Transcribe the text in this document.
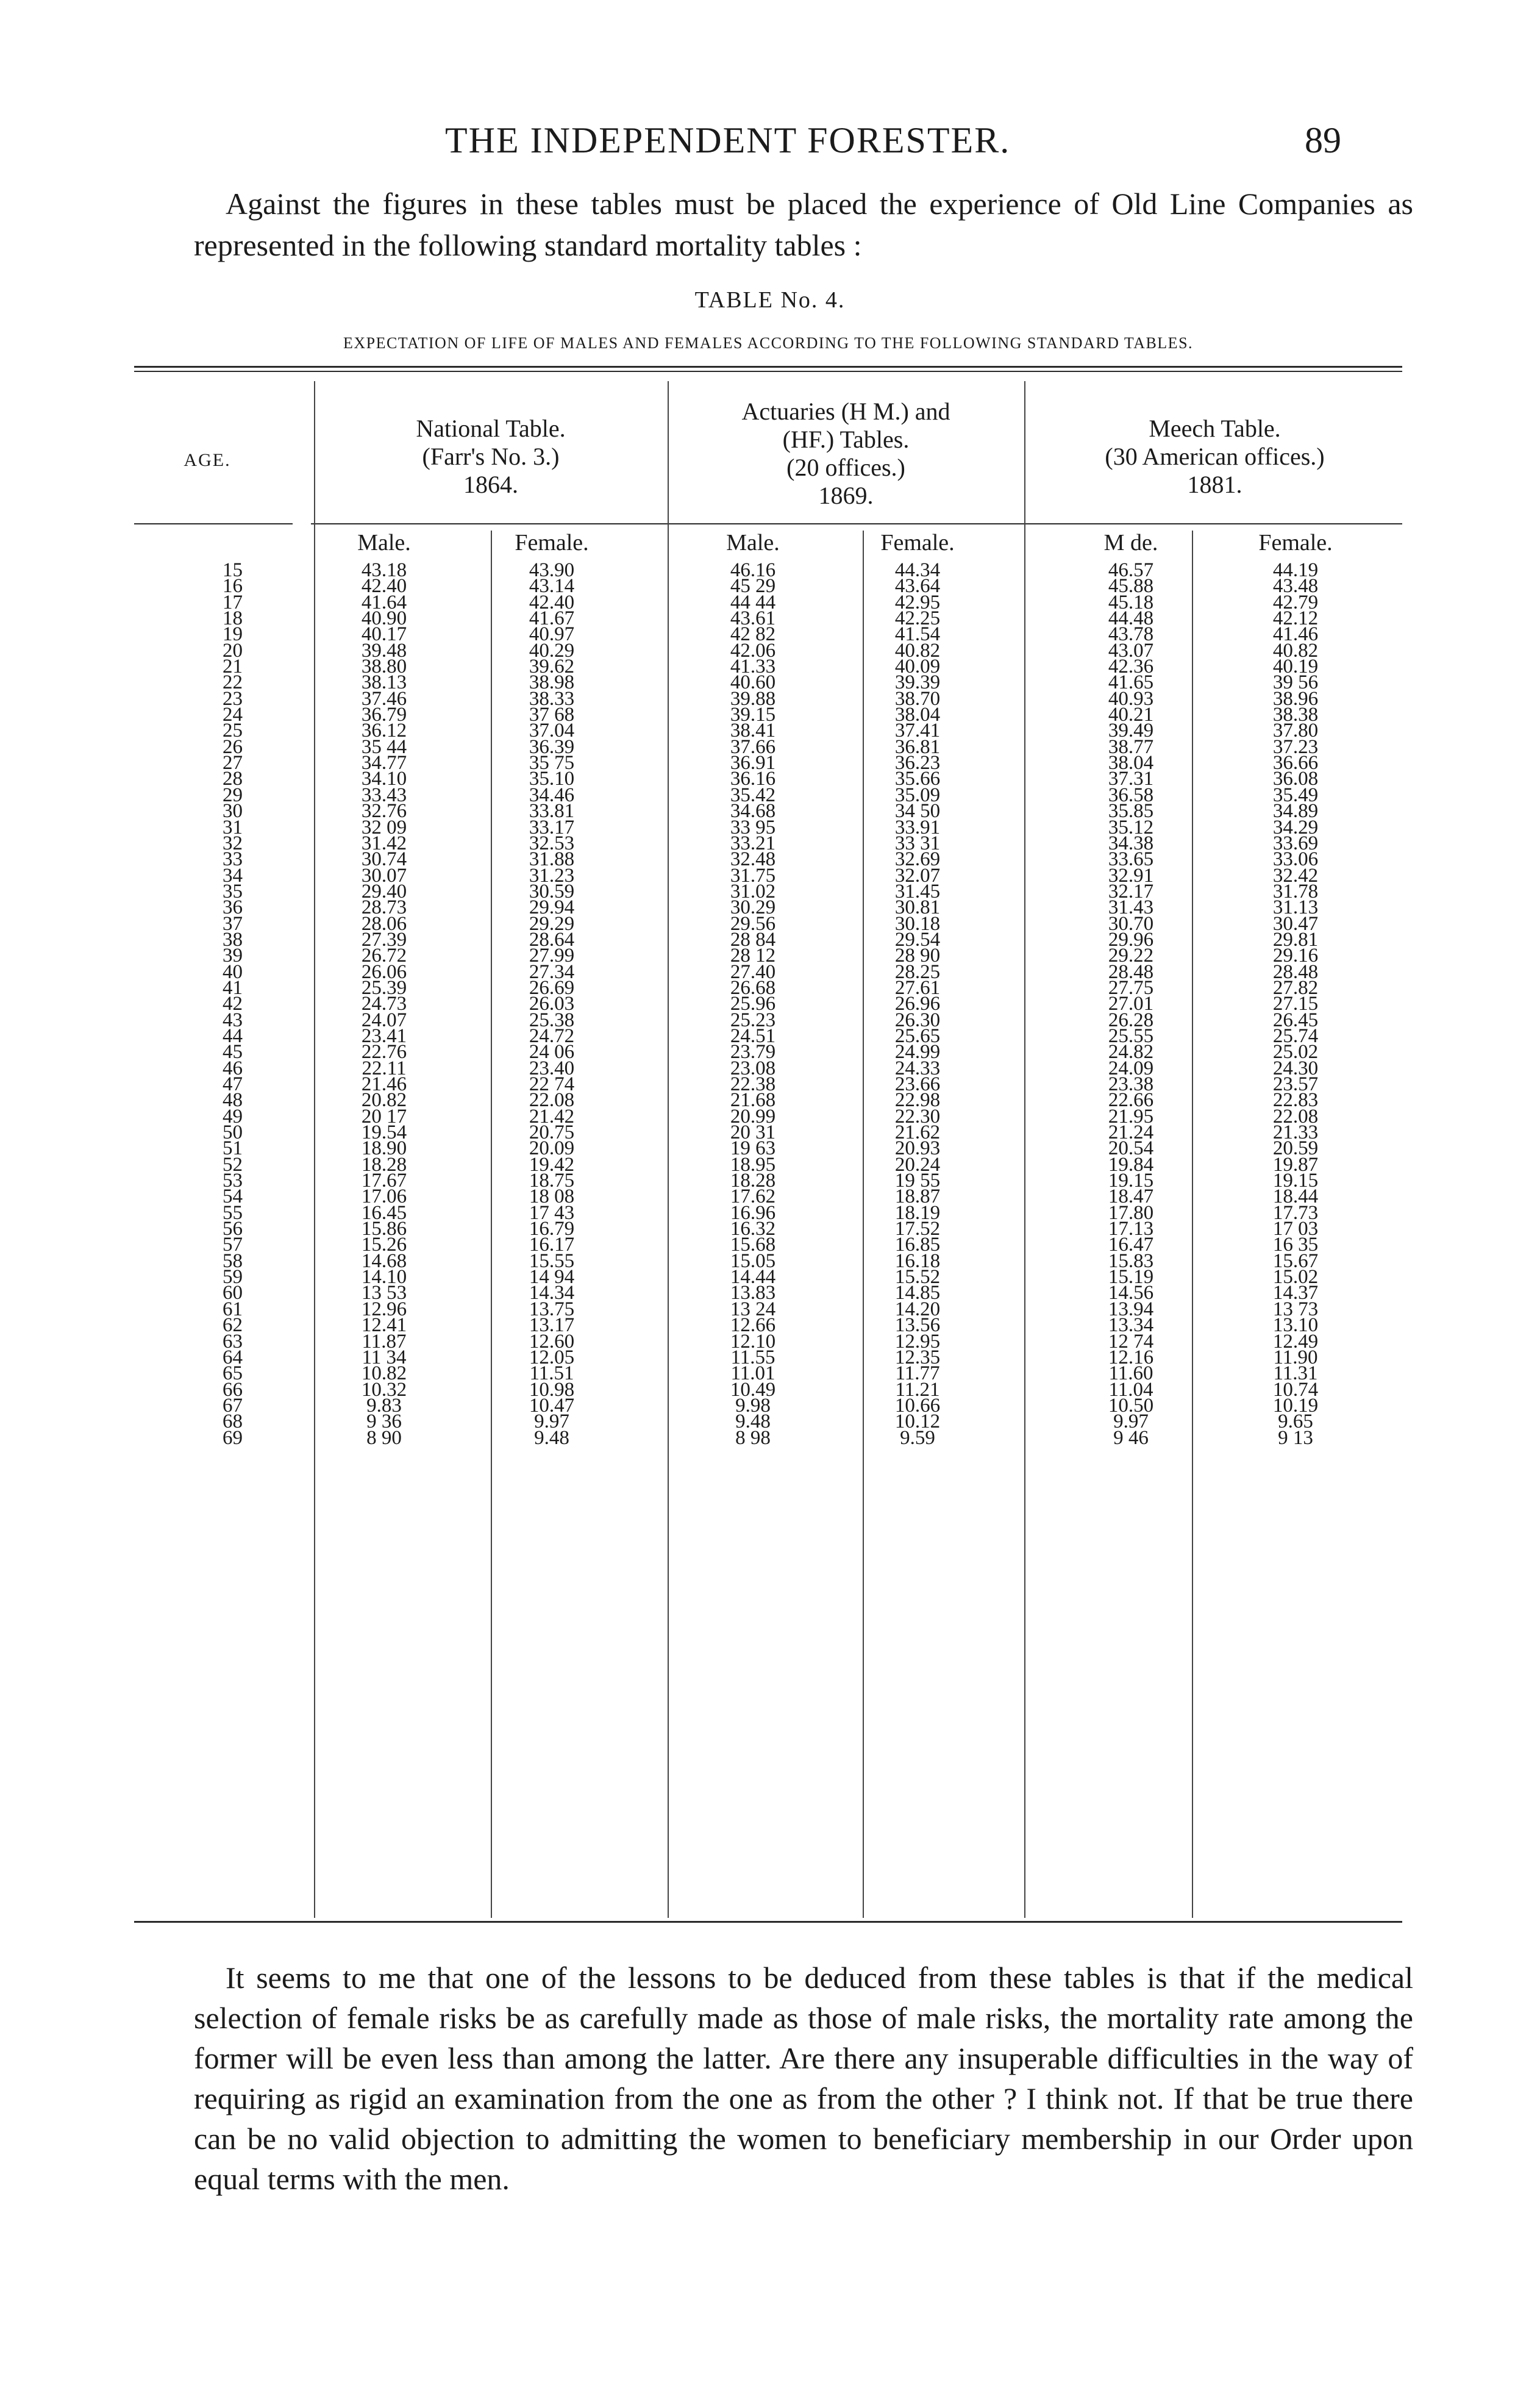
THE INDEPENDENT FORESTER.	89

Against the figures in these tables must be placed the experience of Old Line Companies as represented in the following standard mortality tables :

TABLE No. 4.
EXPECTATION OF LIFE OF MALES AND FEMALES ACCORDING TO THE FOLLOWING STANDARD TABLES.
AGE.
National Table.
(Farr's No. 3.)
1864.
Actuaries (H M.) and
(HF.) Tables.
(20 offices.)
1869.
Meech Table.
(30 American offices.)
1881.
Male.	Female.	Male.	Female.	M de.	Female.
15	43.18	43.90	46.16	44.34	46.57	44.19
16	42.40	43.14	45 29	43.64	45.88	43.48
17	41.64	42.40	44 44	42.95	45.18	42.79
18	40.90	41.67	43.61	42.25	44.48	42.12
19	40.17	40.97	42 82	41.54	43.78	41.46
20	39.48	40.29	42.06	40.82	43.07	40.82
21	38.80	39.62	41.33	40.09	42.36	40.19
22	38.13	38.98	40.60	39.39	41.65	39 56
23	37.46	38.33	39.88	38.70	40.93	38.96
24	36.79	37 68	39.15	38.04	40.21	38.38
25	36.12	37.04	38.41	37.41	39.49	37.80
26	35 44	36.39	37.66	36.81	38.77	37.23
27	34.77	35 75	36.91	36.23	38.04	36.66
28	34.10	35.10	36.16	35.66	37.31	36.08
29	33.43	34.46	35.42	35.09	36.58	35.49
30	32.76	33.81	34.68	34 50	35.85	34.89
31	32 09	33.17	33 95	33.91	35.12	34.29
32	31.42	32.53	33.21	33 31	34.38	33.69
33	30.74	31.88	32.48	32.69	33.65	33.06
34	30.07	31.23	31.75	32.07	32.91	32.42
35	29.40	30.59	31.02	31.45	32.17	31.78
36	28.73	29.94	30.29	30.81	31.43	31.13
37	28.06	29.29	29.56	30.18	30.70	30.47
38	27.39	28.64	28 84	29.54	29.96	29.81
39	26.72	27.99	28 12	28 90	29.22	29.16
40	26.06	27.34	27.40	28.25	28.48	28.48
41	25.39	26.69	26.68	27.61	27.75	27.82
42	24.73	26.03	25.96	26.96	27.01	27.15
43	24.07	25.38	25.23	26.30	26.28	26.45
44	23.41	24.72	24.51	25.65	25.55	25.74
45	22.76	24 06	23.79	24.99	24.82	25.02
46	22.11	23.40	23.08	24.33	24.09	24.30
47	21.46	22 74	22.38	23.66	23.38	23.57
48	20.82	22.08	21.68	22.98	22.66	22.83
49	20 17	21.42	20.99	22.30	21.95	22.08
50	19.54	20.75	20 31	21.62	21.24	21.33
51	18.90	20.09	19 63	20.93	20.54	20.59
52	18.28	19.42	18.95	20.24	19.84	19.87
53	17.67	18.75	18.28	19 55	19.15	19.15
54	17.06	18 08	17.62	18.87	18.47	18.44
55	16.45	17 43	16.96	18.19	17.80	17.73
56	15.86	16.79	16.32	17.52	17.13	17 03
57	15.26	16.17	15.68	16.85	16.47	16 35
58	14.68	15.55	15.05	16.18	15.83	15.67
59	14.10	14 94	14.44	15.52	15.19	15.02
60	13 53	14.34	13.83	14.85	14.56	14.37
61	12.96	13.75	13 24	14.20	13.94	13 73
62	12.41	13.17	12.66	13.56	13.34	13.10
63	11.87	12.60	12.10	12.95	12 74	12.49
64	11 34	12.05	11.55	12.35	12.16	11.90
65	10.82	11.51	11.01	11.77	11.60	11.31
66	10.32	10.98	10.49	11.21	11.04	10.74
67	9.83	10.47	9.98	10.66	10.50	10.19
68	9 36	9.97	9.48	10.12	9.97	9.65
69	8 90	9.48	8 98	9.59	9 46	9 13

It seems to me that one of the lessons to be deduced from these tables is that if the medical selection of female risks be as carefully made as those of male risks, the mortality rate among the former will be even less than among the latter. Are there any insuperable difficulties in the way of requiring as rigid an examination from the one as from the other ? I think not. If that be true there can be no valid objection to admitting the women to beneficiary membership in our Order upon equal terms with the men.
